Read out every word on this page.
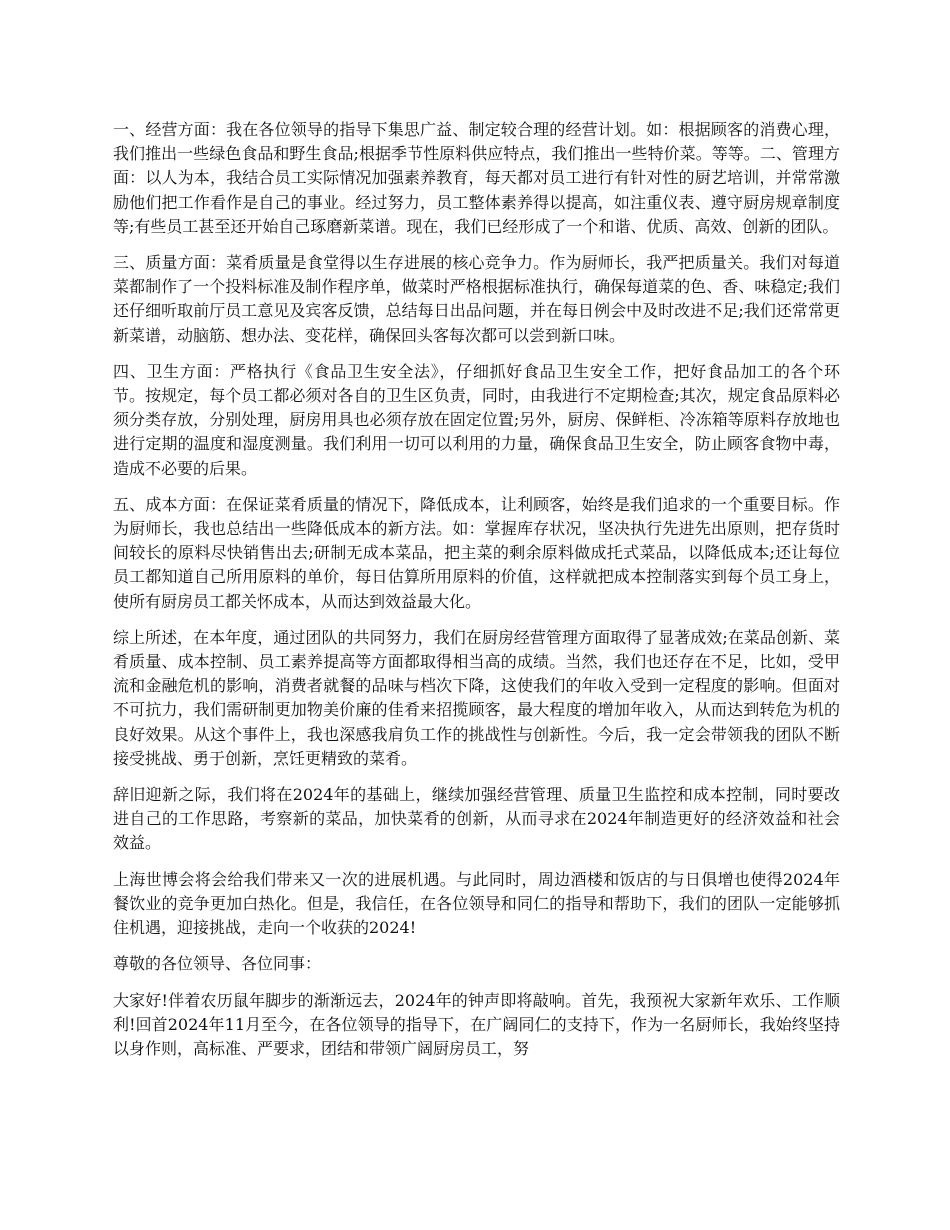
一、经营方面：我在各位领导的指导下集思广益、制定较合理的经营计划。如：根据顾客的消费心理，我们推出一些绿色食品和野生食品;根据季节性原料供应特点，我们推出一些特价菜。等等。二、管理方面：以人为本，我结合员工实际情况加强素养教育，每天都对员工进行有针对性的厨艺培训，并常常激励他们把工作看作是自己的事业。经过努力，员工整体素养得以提高，如注重仪表、遵守厨房规章制度等;有些员工甚至还开始自己琢磨新菜谱。现在，我们已经形成了一个和谐、优质、高效、创新的团队。

三、质量方面：菜肴质量是食堂得以生存进展的核心竞争力。作为厨师长，我严把质量关。我们对每道菜都制作了一个投料标准及制作程序单，做菜时严格根据标准执行，确保每道菜的色、香、味稳定;我们还仔细听取前厅员工意见及宾客反馈，总结每日出品问题，并在每日例会中及时改进不足;我们还常常更新菜谱，动脑筋、想办法、变花样，确保回头客每次都可以尝到新口味。

四、卫生方面：严格执行《食品卫生安全法》，仔细抓好食品卫生安全工作，把好食品加工的各个环节。按规定，每个员工都必须对各自的卫生区负责，同时，由我进行不定期检查;其次，规定食品原料必须分类存放，分别处理，厨房用具也必须存放在固定位置;另外，厨房、保鲜柜、冷冻箱等原料存放地也进行定期的温度和湿度测量。我们利用一切可以利用的力量，确保食品卫生安全，防止顾客食物中毒，造成不必要的后果。

五、成本方面：在保证菜肴质量的情况下，降低成本，让利顾客，始终是我们追求的一个重要目标。作为厨师长，我也总结出一些降低成本的新方法。如：掌握库存状况，坚决执行先进先出原则，把存货时间较长的原料尽快销售出去;研制无成本菜品，把主菜的剩余原料做成托式菜品，以降低成本;还让每位员工都知道自己所用原料的单价，每日估算所用原料的价值，这样就把成本控制落实到每个员工身上，使所有厨房员工都关怀成本，从而达到效益最大化。

综上所述，在本年度，通过团队的共同努力，我们在厨房经营管理方面取得了显著成效;在菜品创新、菜肴质量、成本控制、员工素养提高等方面都取得相当高的成绩。当然，我们也还存在不足，比如，受甲流和金融危机的影响，消费者就餐的品味与档次下降，这使我们的年收入受到一定程度的影响。但面对不可抗力，我们需研制更加物美价廉的佳肴来招揽顾客，最大程度的增加年收入，从而达到转危为机的良好效果。从这个事件上，我也深感我肩负工作的挑战性与创新性。今后，我一定会带领我的团队不断接受挑战、勇于创新，烹饪更精致的菜肴。

辞旧迎新之际，我们将在2024年的基础上，继续加强经营管理、质量卫生监控和成本控制，同时要改进自己的工作思路，考察新的菜品，加快菜肴的创新，从而寻求在2024年制造更好的经济效益和社会效益。

上海世博会将会给我们带来又一次的进展机遇。与此同时，周边酒楼和饭店的与日俱增也使得2024年餐饮业的竞争更加白热化。但是，我信任，在各位领导和同仁的指导和帮助下，我们的团队一定能够抓住机遇，迎接挑战，走向一个收获的2024!

尊敬的各位领导、各位同事：

大家好!伴着农历鼠年脚步的渐渐远去，2024年的钟声即将敲响。首先，我预祝大家新年欢乐、工作顺利!回首2024年11月至今，在各位领导的指导下，在广阔同仁的支持下，作为一名厨师长，我始终坚持以身作则，高标准、严要求，团结和带领广阔厨房员工，努
